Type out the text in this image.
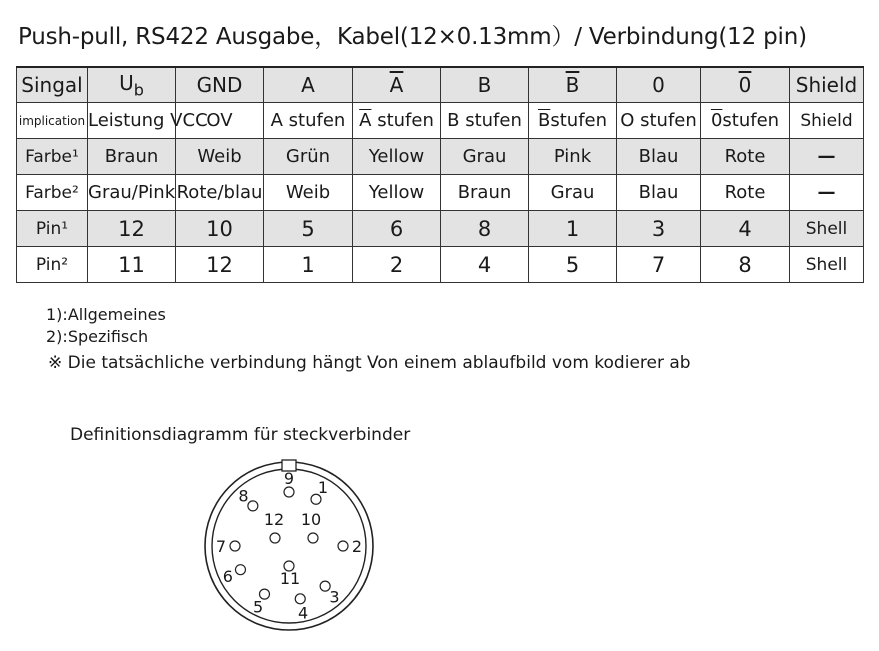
Push-pull, RS422 Ausgabe，Kabel(12×0.13mm）/ Verbindung(12 pin)
Singal	$U_b$	GND	A	$\overline{A}$	B	$\overline{B}$	0	0	Shield
implication	Leistung VCC	OV	A stufen	$\overline{A}$ stufen	B stufen	$\overline{B}stufen$	O stufen	0stufen	Shield
Farbe¹	Braun	Weib	Grün	Yellow	Grau	Pink	Blau	Rote	—
Farbe²	Grau/Pink	Rote/blau	Weib	Yellow	Braun	Grau	Blau	Rote	—
Pin¹	12	10	5	6	8	1	3	4	Shell
Pin²	11	12	1	2	4	5	7	8	Shell
1):Allgemeines
2):Spezifisch
※ Die tatsächliche verbindung hängt Von einem ablaufbild vom kodierer ab
Definitionsdiagramm für steckverbinder
1
2
3
4
5
6
7
8
9
10
11
12
